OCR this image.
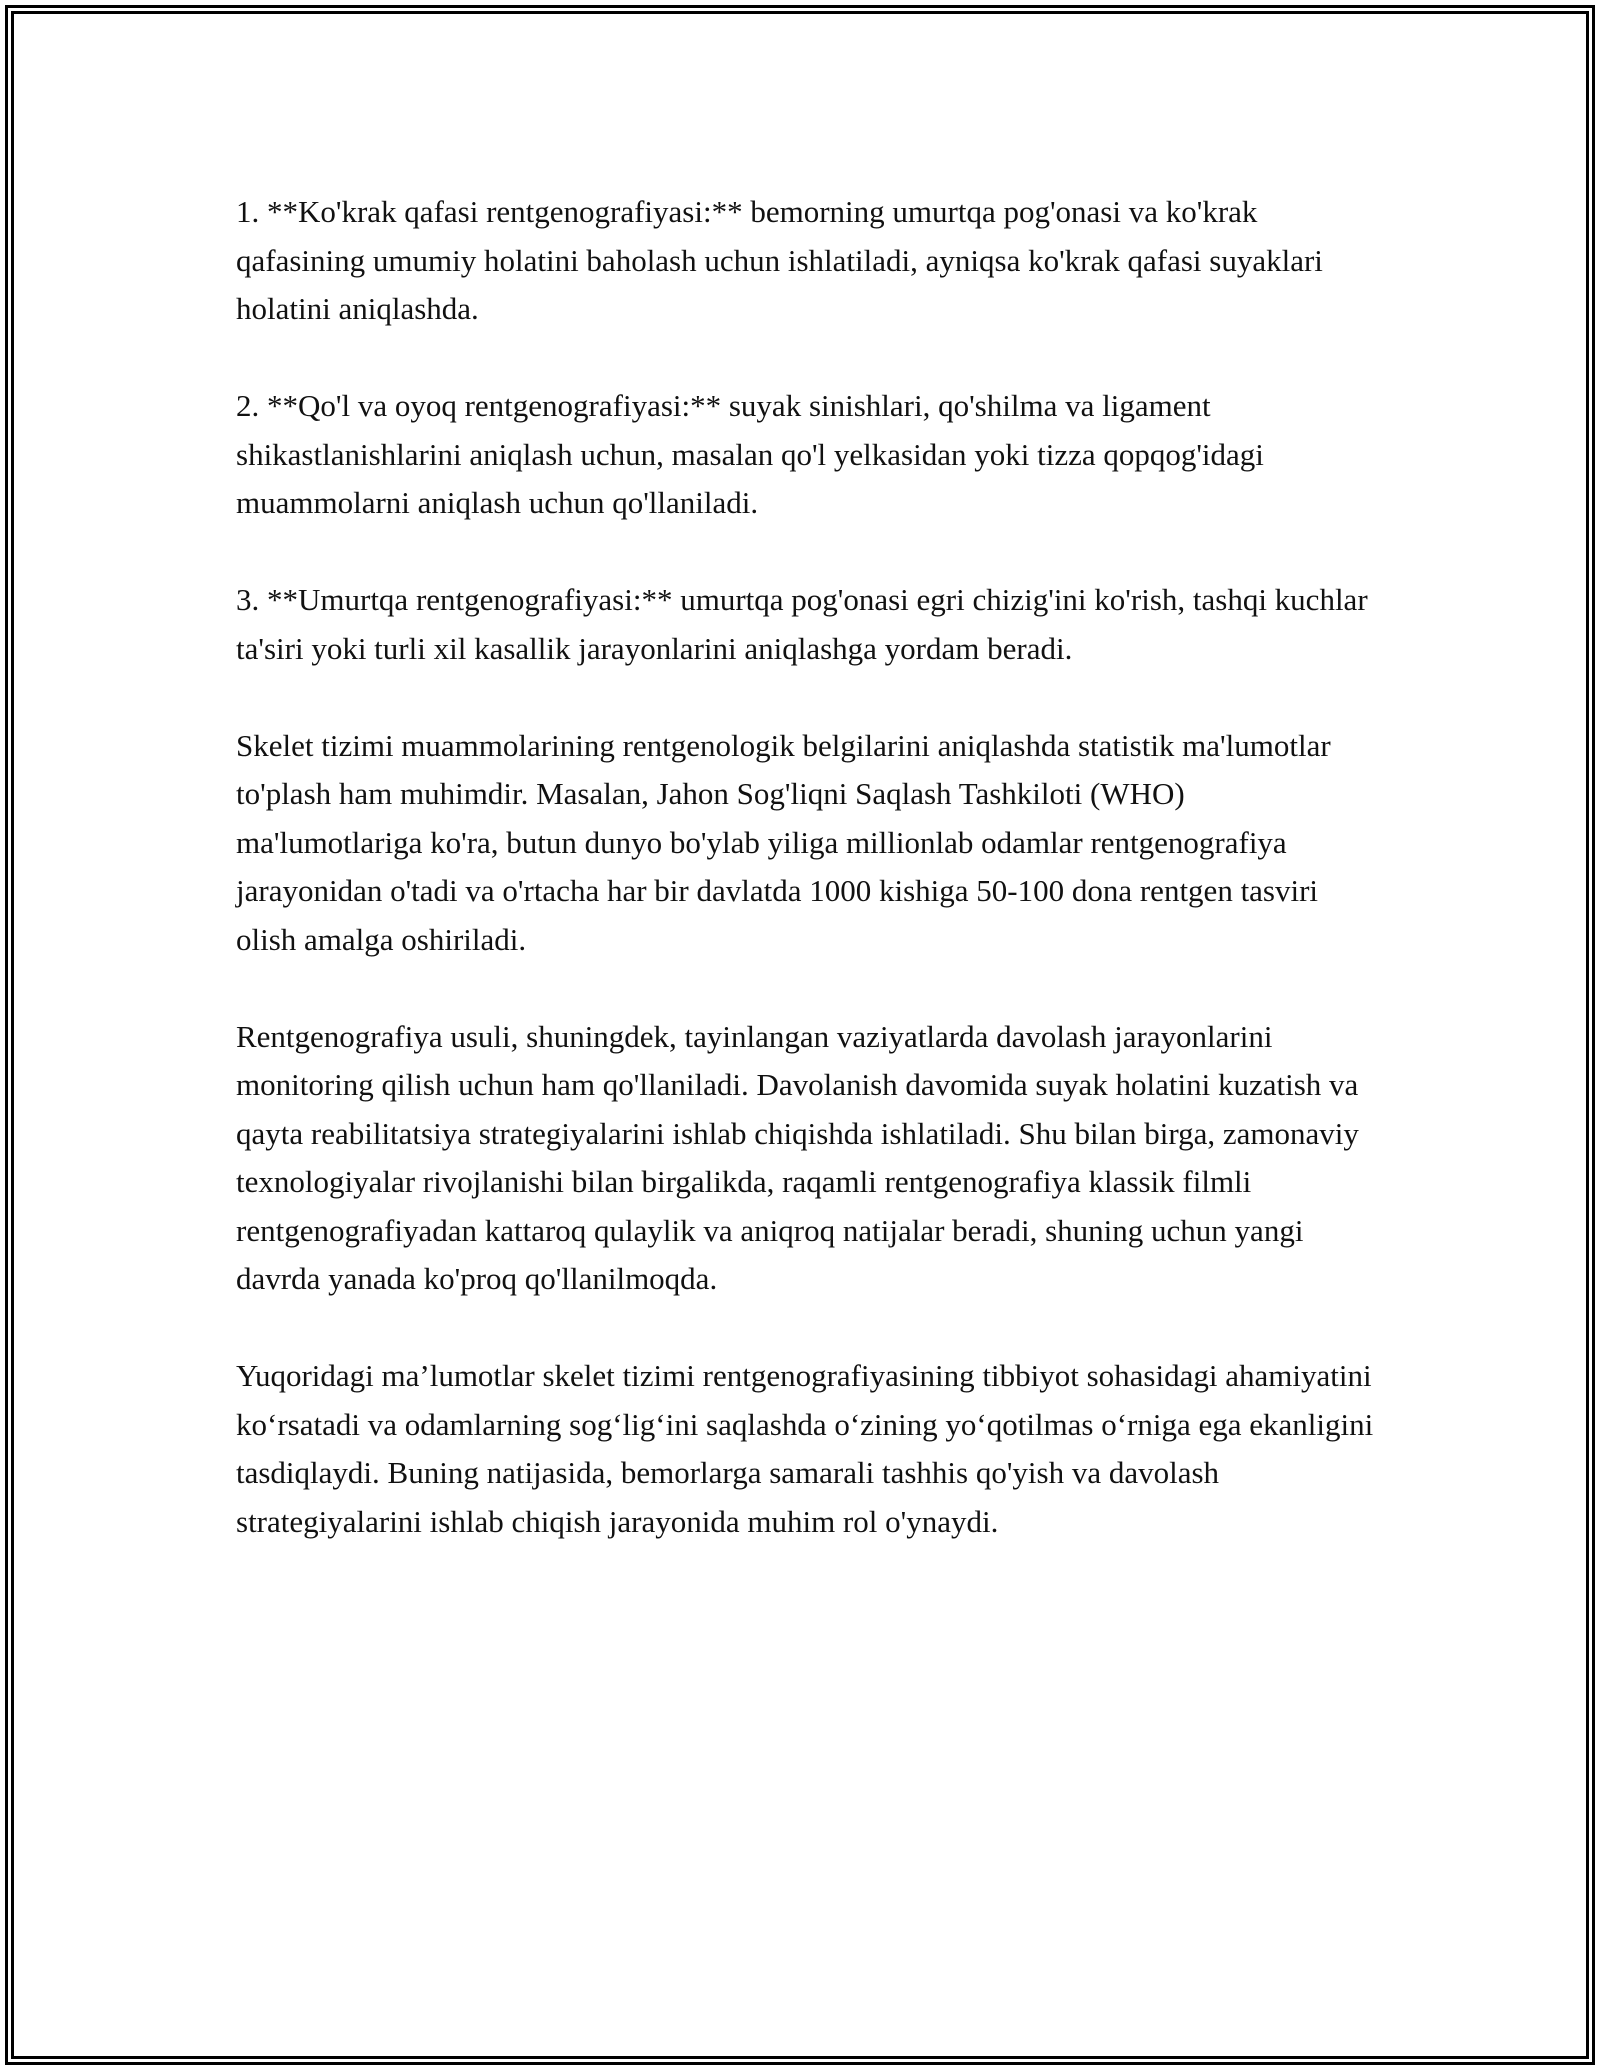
1. **Ko'krak qafasi rentgenografiyasi:** bemorning umurtqa pog'onasi va ko'krak qafasining umumiy holatini baholash uchun ishlatiladi, ayniqsa ko'krak qafasi suyaklari holatini aniqlashda.

2. **Qo'l va oyoq rentgenografiyasi:** suyak sinishlari, qo'shilma va ligament shikastlanishlarini aniqlash uchun, masalan qo'l yelkasidan yoki tizza qopqog'idagi muammolarni aniqlash uchun qo'llaniladi.

3. **Umurtqa rentgenografiyasi:** umurtqa pog'onasi egri chizig'ini ko'rish, tashqi kuchlar ta'siri yoki turli xil kasallik jarayonlarini aniqlashga yordam beradi.

Skelet tizimi muammolarining rentgenologik belgilarini aniqlashda statistik ma'lumotlar to'plash ham muhimdir. Masalan, Jahon Sog'liqni Saqlash Tashkiloti (WHO) ma'lumotlariga ko'ra, butun dunyo bo'ylab yiliga millionlab odamlar rentgenografiya jarayonidan o'tadi va o'rtacha har bir davlatda 1000 kishiga 50-100 dona rentgen tasviri olish amalga oshiriladi.

Rentgenografiya usuli, shuningdek, tayinlangan vaziyatlarda davolash jarayonlarini monitoring qilish uchun ham qo'llaniladi. Davolanish davomida suyak holatini kuzatish va qayta reabilitatsiya strategiyalarini ishlab chiqishda ishlatiladi. Shu bilan birga, zamonaviy texnologiyalar rivojlanishi bilan birgalikda, raqamli rentgenografiya klassik filmli rentgenografiyadan kattaroq qulaylik va aniqroq natijalar beradi, shuning uchun yangi davrda yanada ko'proq qo'llanilmoqda.

Yuqoridagi ma’lumotlar skelet tizimi rentgenografiyasining tibbiyot sohasidagi ahamiyatini ko‘rsatadi va odamlarning sog‘lig‘ini saqlashda o‘zining yo‘qotilmas o‘rniga ega ekanligini tasdiqlaydi. Buning natijasida, bemorlarga samarali tashhis qo'yish va davolash strategiyalarini ishlab chiqish jarayonida muhim rol o'ynaydi.
